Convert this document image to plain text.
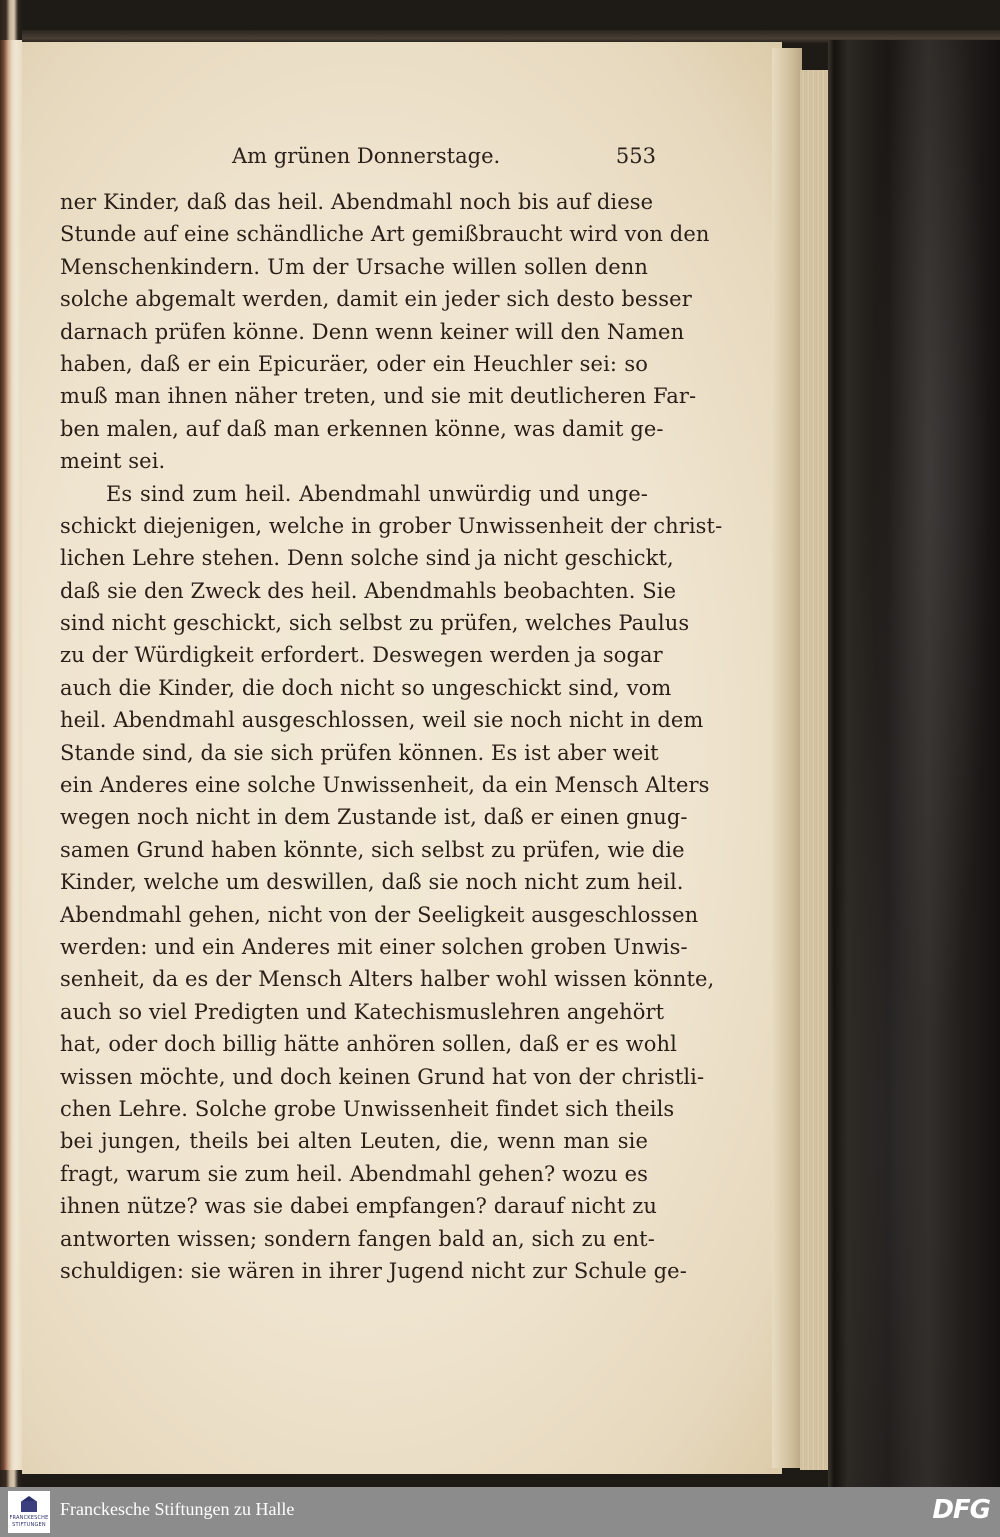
Am grünen Donnerstage.	553
ner Kinder, daß das heil. Abendmahl noch bis auf diese
Stunde auf eine schändliche Art gemißbraucht wird von den
Menschenkindern. Um der Ursache willen sollen denn
solche abgemalt werden, damit ein jeder sich desto besser
darnach prüfen könne. Denn wenn keiner will den Namen
haben, daß er ein Epicuräer, oder ein Heuchler sei: so
muß man ihnen näher treten, und sie mit deutlicheren Far-
ben malen, auf daß man erkennen könne, was damit ge-
meint sei.
Es sind zum heil. Abendmahl unwürdig und unge-
schickt diejenigen, welche in grober Unwissenheit der christ-
lichen Lehre stehen. Denn solche sind ja nicht geschickt,
daß sie den Zweck des heil. Abendmahls beobachten. Sie
sind nicht geschickt, sich selbst zu prüfen, welches Paulus
zu der Würdigkeit erfordert. Deswegen werden ja sogar
auch die Kinder, die doch nicht so ungeschickt sind, vom
heil. Abendmahl ausgeschlossen, weil sie noch nicht in dem
Stande sind, da sie sich prüfen können. Es ist aber weit
ein Anderes eine solche Unwissenheit, da ein Mensch Alters
wegen noch nicht in dem Zustande ist, daß er einen gnug-
samen Grund haben könnte, sich selbst zu prüfen, wie die
Kinder, welche um deswillen, daß sie noch nicht zum heil.
Abendmahl gehen, nicht von der Seeligkeit ausgeschlossen
werden: und ein Anderes mit einer solchen groben Unwis-
senheit, da es der Mensch Alters halber wohl wissen könnte,
auch so viel Predigten und Katechismuslehren angehört
hat, oder doch billig hätte anhören sollen, daß er es wohl
wissen möchte, und doch keinen Grund hat von der christli-
chen Lehre. Solche grobe Unwissenheit findet sich theils
bei jungen, theils bei alten Leuten, die, wenn man sie
fragt, warum sie zum heil. Abendmahl gehen? wozu es
ihnen nütze? was sie dabei empfangen? darauf nicht zu
antworten wissen; sondern fangen bald an, sich zu ent-
schuldigen: sie wären in ihrer Jugend nicht zur Schule ge-
FRANCKESCHE STIFTUNGEN
Franckesche Stiftungen zu Halle	DFG
